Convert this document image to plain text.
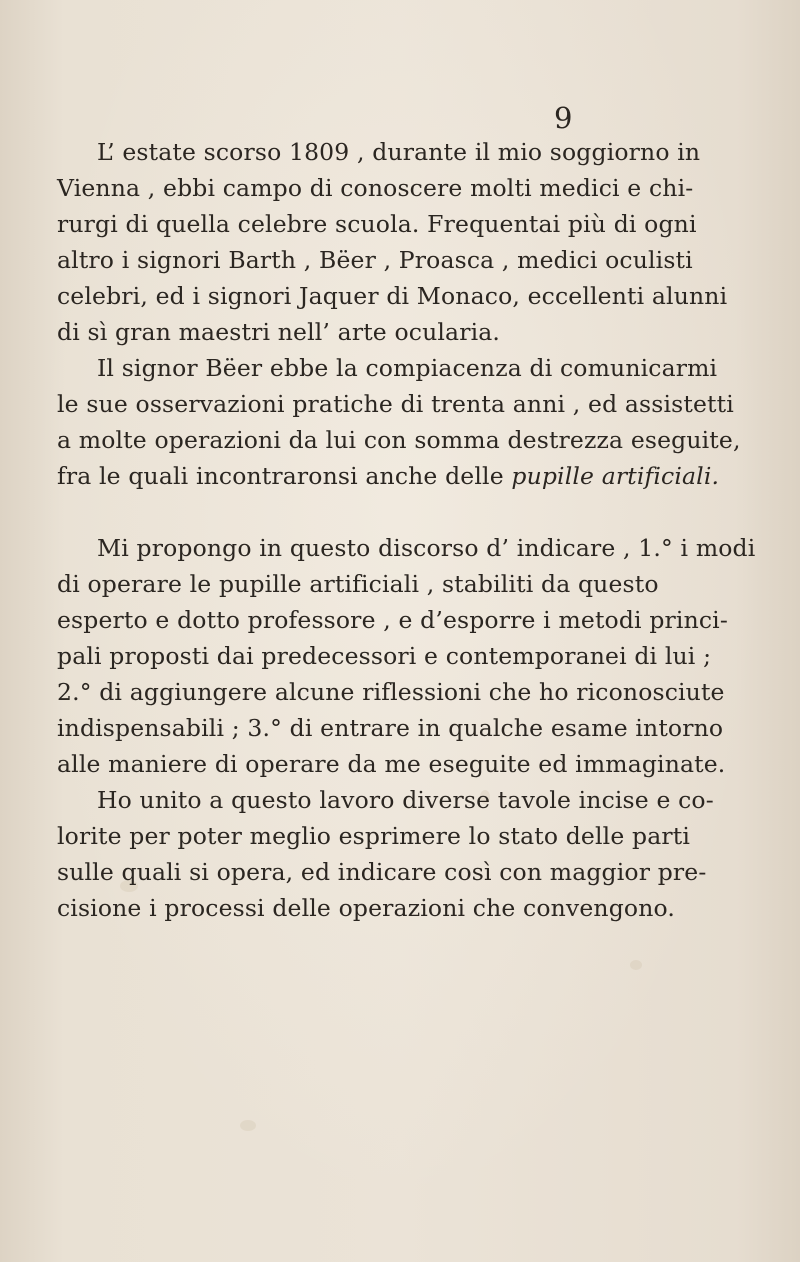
9
L’ estate scorso 1809 , durante il mio soggiorno in
Vienna , ebbi campo di conoscere molti medici e chi-
rurgi di quella celebre scuola. Frequentai più di ogni
altro i signori Barth , Bëer , Proasca , medici oculisti
celebri, ed i signori Jaquer di Monaco, eccellenti alunni
di sì gran maestri nell’ arte ocularia.
Il signor Bëer ebbe la compiacenza di comunicarmi
le sue osservazioni pratiche di trenta anni , ed assistetti
a molte operazioni da lui con somma destrezza eseguite,
fra le quali incontraronsi anche delle pupille artificiali.
Mi propongo in questo discorso d’ indicare , 1.° i modi
di operare le pupille artificiali , stabiliti da questo
esperto e dotto professore , e d’esporre i metodi princi-
pali proposti dai predecessori e contemporanei di lui ;
2.° di aggiungere alcune riflessioni che ho riconosciute
indispensabili ; 3.° di entrare in qualche esame intorno
alle maniere di operare da me eseguite ed immaginate.
Ho unito a questo lavoro diverse tavole incise e co-
lorite per poter meglio esprimere lo stato delle parti
sulle quali si opera, ed indicare così con maggior pre-
cisione i processi delle operazioni che convengono.
